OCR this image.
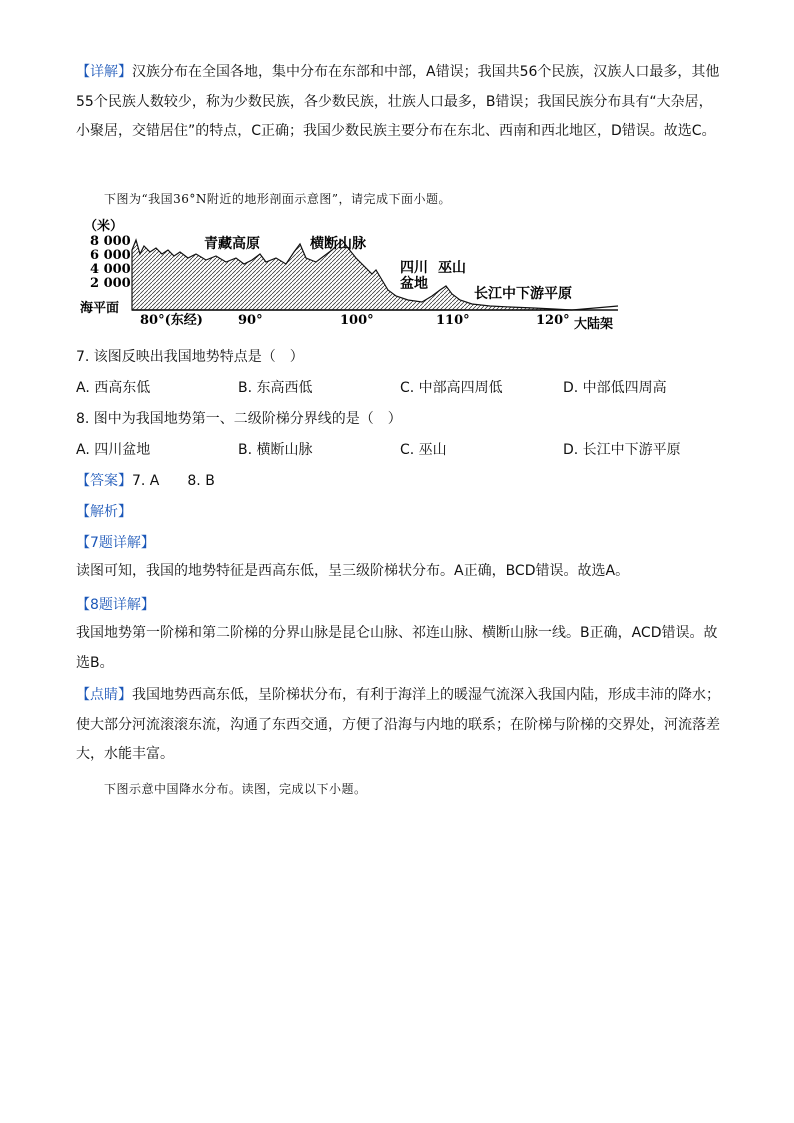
【详解】汉族分布在全国各地，集中分布在东部和中部，A错误；我国共56个民族，汉族人口最多，其他55个民族人数较少，称为少数民族，各少数民族，壮族人口最多，B错误；我国民族分布具有“大杂居，小聚居，交错居住”的特点，C正确；我国少数民族主要分布在东北、西南和西北地区，D错误。故选C。

下图为“我国36°N附近的地形剖面示意图”，请完成下面小题。
（米）
8 000
6 000
4 000
2 000
海平面
80°(东经)	90°	100°	110°	120°
青藏高原	横断山脉
四川
盆地
巫山
长江中下游平原
大陆架
7. 该图反映出我国地势特点是（　）
A. 西高东低	B. 东高西低	C. 中部高四周低	D. 中部低四周高
8. 图中为我国地势第一、二级阶梯分界线的是（　）
A. 四川盆地	B. 横断山脉	C. 巫山	D. 长江中下游平原
【答案】7. A　　8. B
【解析】
【7题详解】

读图可知，我国的地势特征是西高东低，呈三级阶梯状分布。A正确，BCD错误。故选A。

【8题详解】

我国地势第一阶梯和第二阶梯的分界山脉是昆仑山脉、祁连山脉、横断山脉一线。B正确，ACD错误。故选B。

【点睛】我国地势西高东低，呈阶梯状分布，有利于海洋上的暖湿气流深入我国内陆，形成丰沛的降水；使大部分河流滚滚东流，沟通了东西交通，方便了沿海与内地的联系；在阶梯与阶梯的交界处，河流落差大，水能丰富。

下图示意中国降水分布。读图，完成以下小题。
